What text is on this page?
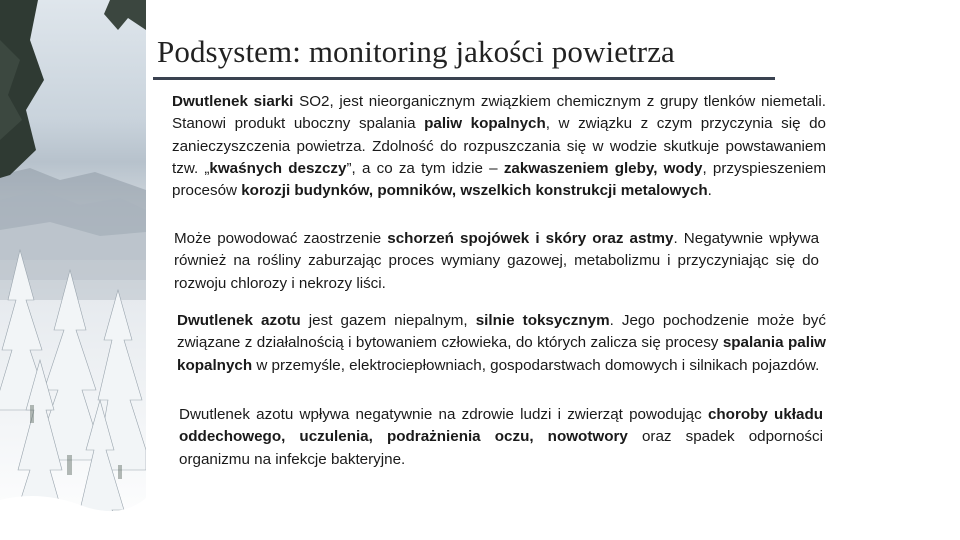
Podsystem: monitoring jakości powietrza
Dwutlenek siarki SO2, jest nieorganicznym związkiem chemicznym z grupy tlenków niemetali. Stanowi produkt uboczny spalania paliw kopalnych, w związku z czym przyczynia się do zanieczyszczenia powietrza. Zdolność do rozpuszczania się w wodzie skutkuje powstawaniem tzw. „kwaśnych deszczy”, a co za tym idzie – zakwaszeniem gleby, wody, przyspieszeniem procesów korozji budynków, pomników, wszelkich konstrukcji metalowych.
Może powodować zaostrzenie schorzeń spojówek i skóry oraz astmy. Negatywnie wpływa również na rośliny zaburzając proces wymiany gazowej, metabolizmu i przyczyniając się do rozwoju chlorozy i nekrozy liści.
Dwutlenek azotu jest gazem niepalnym, silnie toksycznym. Jego pochodzenie może być związane z działalnością i bytowaniem człowieka, do których zalicza się procesy spalania paliw kopalnych w przemyśle, elektrociepłowniach, gospodarstwach domowych i silnikach pojazdów.
Dwutlenek azotu wpływa negatywnie na zdrowie ludzi i zwierząt powodując choroby układu oddechowego, uczulenia, podrażnienia oczu, nowotwory oraz spadek odporności organizmu na infekcje bakteryjne.
